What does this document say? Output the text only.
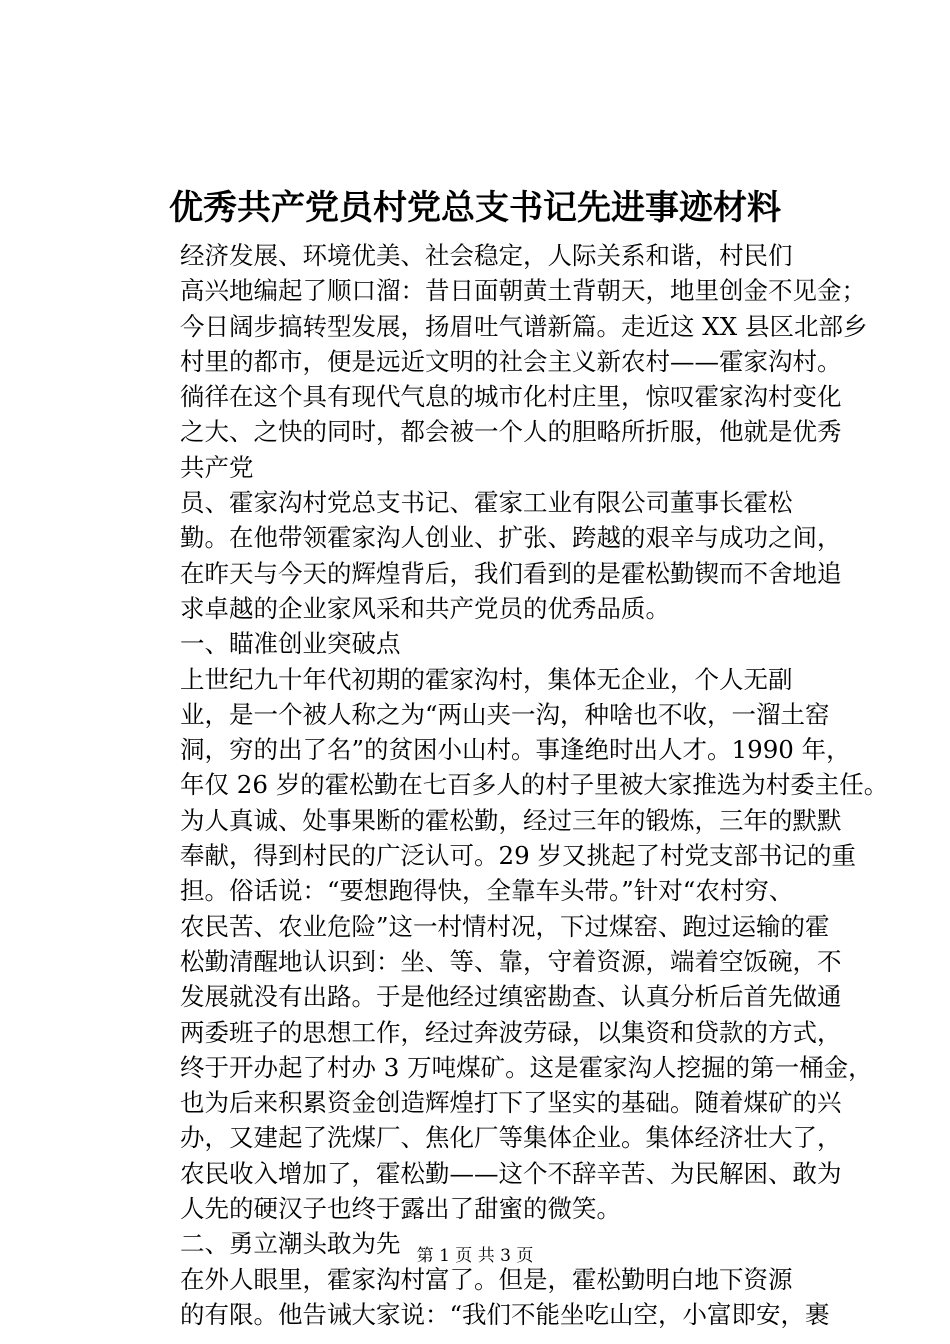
优秀共产党员村党总支书记先进事迹材料

经济发展、环境优美、社会稳定，人际关系和谐，村民们
高兴地编起了顺口溜：昔日面朝黄土背朝天，地里创金不见金；
今日阔步搞转型发展，扬眉吐气谱新篇。走近这 XX 县区北部乡
村里的都市，便是远近文明的社会主义新农村——霍家沟村。
徜徉在这个具有现代气息的城市化村庄里，惊叹霍家沟村变化
之大、之快的同时，都会被一个人的胆略所折服，他就是优秀
共产党

员、霍家沟村党总支书记、霍家工业有限公司董事长霍松
勤。在他带领霍家沟人创业、扩张、跨越的艰辛与成功之间，
在昨天与今天的辉煌背后，我们看到的是霍松勤锲而不舍地追
求卓越的企业家风采和共产党员的优秀品质。

一、瞄准创业突破点

上世纪九十年代初期的霍家沟村，集体无企业，个人无副
业，是一个被人称之为“两山夹一沟，种啥也不收，一溜土窑
洞，穷的出了名”的贫困小山村。事逢绝时出人才。1990 年，
年仅 26 岁的霍松勤在七百多人的村子里被大家推选为村委主任。
为人真诚、处事果断的霍松勤，经过三年的锻炼，三年的默默
奉献，得到村民的广泛认可。29 岁又挑起了村党支部书记的重
担。俗话说：“要想跑得快，全靠车头带。”针对“农村穷、
农民苦、农业危险”这一村情村况，下过煤窑、跑过运输的霍
松勤清醒地认识到：坐、等、靠，守着资源，端着空饭碗，不
发展就没有出路。于是他经过缜密勘查、认真分析后首先做通
两委班子的思想工作，经过奔波劳碌，以集资和贷款的方式，
终于开办起了村办 3 万吨煤矿。这是霍家沟人挖掘的第一桶金，
也为后来积累资金创造辉煌打下了坚实的基础。随着煤矿的兴
办，又建起了洗煤厂、焦化厂等集体企业。集体经济壮大了，
农民收入增加了，霍松勤——这个不辞辛苦、为民解困、敢为
人先的硬汉子也终于露出了甜蜜的微笑。

二、勇立潮头敢为先

在外人眼里，霍家沟村富了。但是，霍松勤明白地下资源
的有限。他告诫大家说：“我们不能坐吃山空，小富即安，裹

第 1 页 共 3 页
